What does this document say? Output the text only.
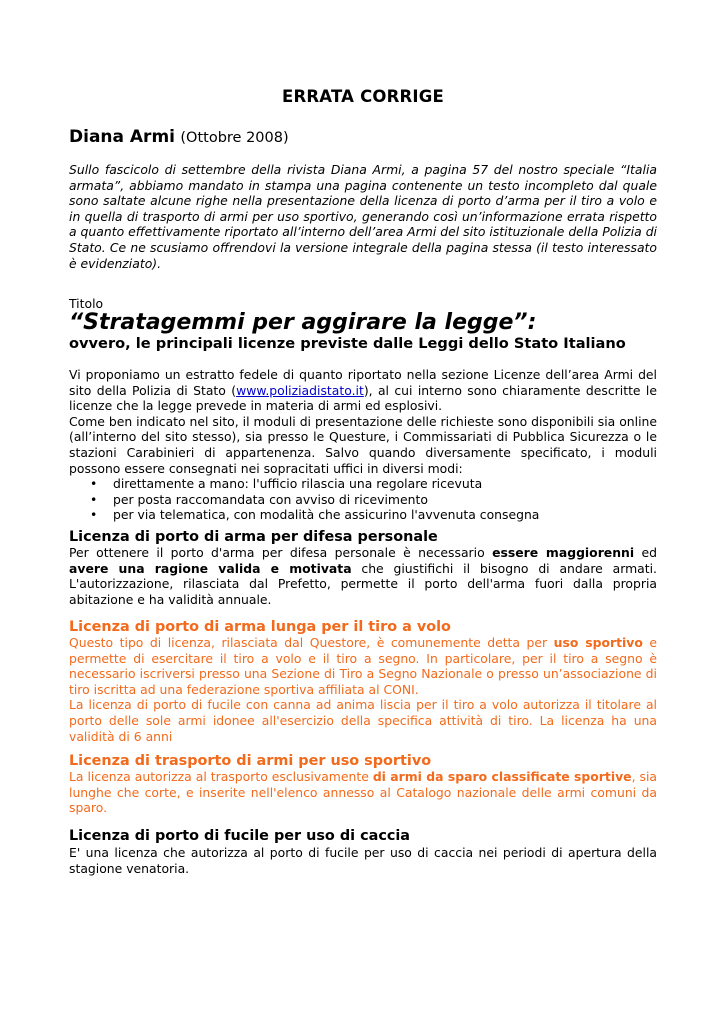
ERRATA CORRIGE
Diana Armi (Ottobre 2008)
Sullo fascicolo di settembre della rivista Diana Armi, a pagina 57 del nostro speciale “Italia armata”, abbiamo mandato in stampa una pagina contenente un testo incompleto dal quale sono saltate alcune righe nella presentazione della licenza di porto d’arma per il tiro a volo e in quella di trasporto di armi per uso sportivo, generando così un’informazione errata rispetto a quanto effettivamente riportato all’interno dell’area Armi del sito istituzionale della Polizia di Stato. Ce ne scusiamo offrendovi la versione integrale della pagina stessa (il testo interessato è evidenziato).
Titolo
“Stratagemmi per aggirare la legge”:
ovvero, le principali licenze previste dalle Leggi dello Stato Italiano

Vi proponiamo un estratto fedele di quanto riportato nella sezione Licenze dell’area Armi del sito della Polizia di Stato (www.poliziadistato.it), al cui interno sono chiaramente descritte le licenze che la legge prevede in materia di armi ed esplosivi.

Come ben indicato nel sito, il moduli di presentazione delle richieste sono disponibili sia online (all’interno del sito stesso), sia presso le Questure, i Commissariati di Pubblica Sicurezza o le stazioni Carabinieri di appartenenza. Salvo quando diversamente specificato, i moduli possono essere consegnati nei sopracitati uffici in diversi modi:

• direttamente a mano: l'ufficio rilascia una regolare ricevuta
• per posta raccomandata con avviso di ricevimento
• per via telematica, con modalità che assicurino l'avvenuta consegna
Licenza di porto di arma per difesa personale

Per ottenere il porto d'arma per difesa personale è necessario essere maggiorenni ed avere una ragione valida e motivata che giustifichi il bisogno di andare armati. L'autorizzazione, rilasciata dal Prefetto, permette il porto dell'arma fuori dalla propria abitazione e ha validità annuale.

Licenza di porto di arma lunga per il tiro a volo

Questo tipo di licenza, rilasciata dal Questore, è comunemente detta per uso sportivo e permette di esercitare il tiro a volo e il tiro a segno. In particolare, per il tiro a segno è necessario iscriversi presso una Sezione di Tiro a Segno Nazionale o presso un’associazione di tiro iscritta ad una federazione sportiva affiliata al CONI.

La licenza di porto di fucile con canna ad anima liscia per il tiro a volo autorizza il titolare al porto delle sole armi idonee all'esercizio della specifica attività di tiro. La licenza ha una validità di 6 anni

Licenza di trasporto di armi per uso sportivo

La licenza autorizza al trasporto esclusivamente di armi da sparo classificate sportive, sia lunghe che corte, e inserite nell'elenco annesso al Catalogo nazionale delle armi comuni da sparo.

Licenza di porto di fucile per uso di caccia
E' una licenza che autorizza al porto di fucile per uso di caccia nei periodi di apertura della stagione venatoria.
